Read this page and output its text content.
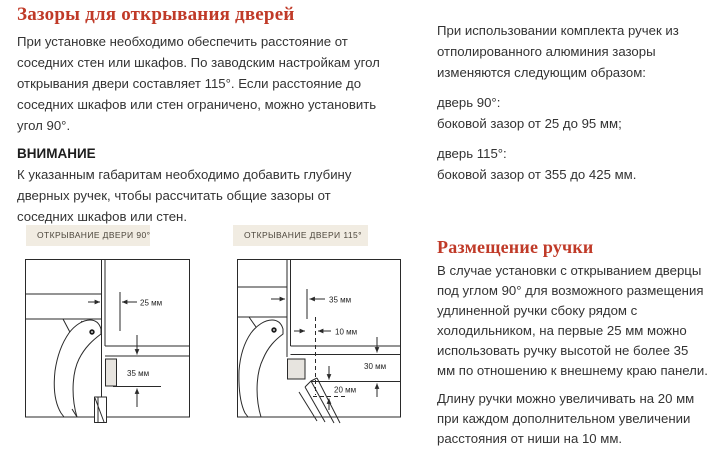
Зазоры для открывания дверей

При установке необходимо обеспечить расстояние от соседних стен или шкафов. По заводским настройкам угол открывания двери составляет 115°. Если расстояние до соседних шкафов или стен ограничено, можно установить угол 90°.

ВНИМАНИЕ

К указанным габаритам необходимо добавить глубину дверных ручек, чтобы рассчитать общие зазоры от соседних шкафов или стен.

При использовании комплекта ручек из отполированного алюминия зазоры изменяются следующим образом:

дверь 90°:
боковой зазор от 25 до 95 мм;
дверь 115°:
боковой зазор от 355 до 425 мм.
ОТКРЫВАНИЕ ДВЕРИ 90°	ОТКРЫВАНИЕ ДВЕРИ 115°
25 мм
35 мм
35 мм
10 мм
30 мм
20 мм
Размещение ручки

В случае установки с открыванием дверцы под углом 90° для возможного размещения удлиненной ручки сбоку рядом с холодильником, на первые 25 мм можно использовать ручку высотой не более 35 мм по отношению к внешнему краю панели.

Длину ручки можно увеличивать на 20 мм при каждом дополнительном увеличении расстояния от ниши на 10 мм.
